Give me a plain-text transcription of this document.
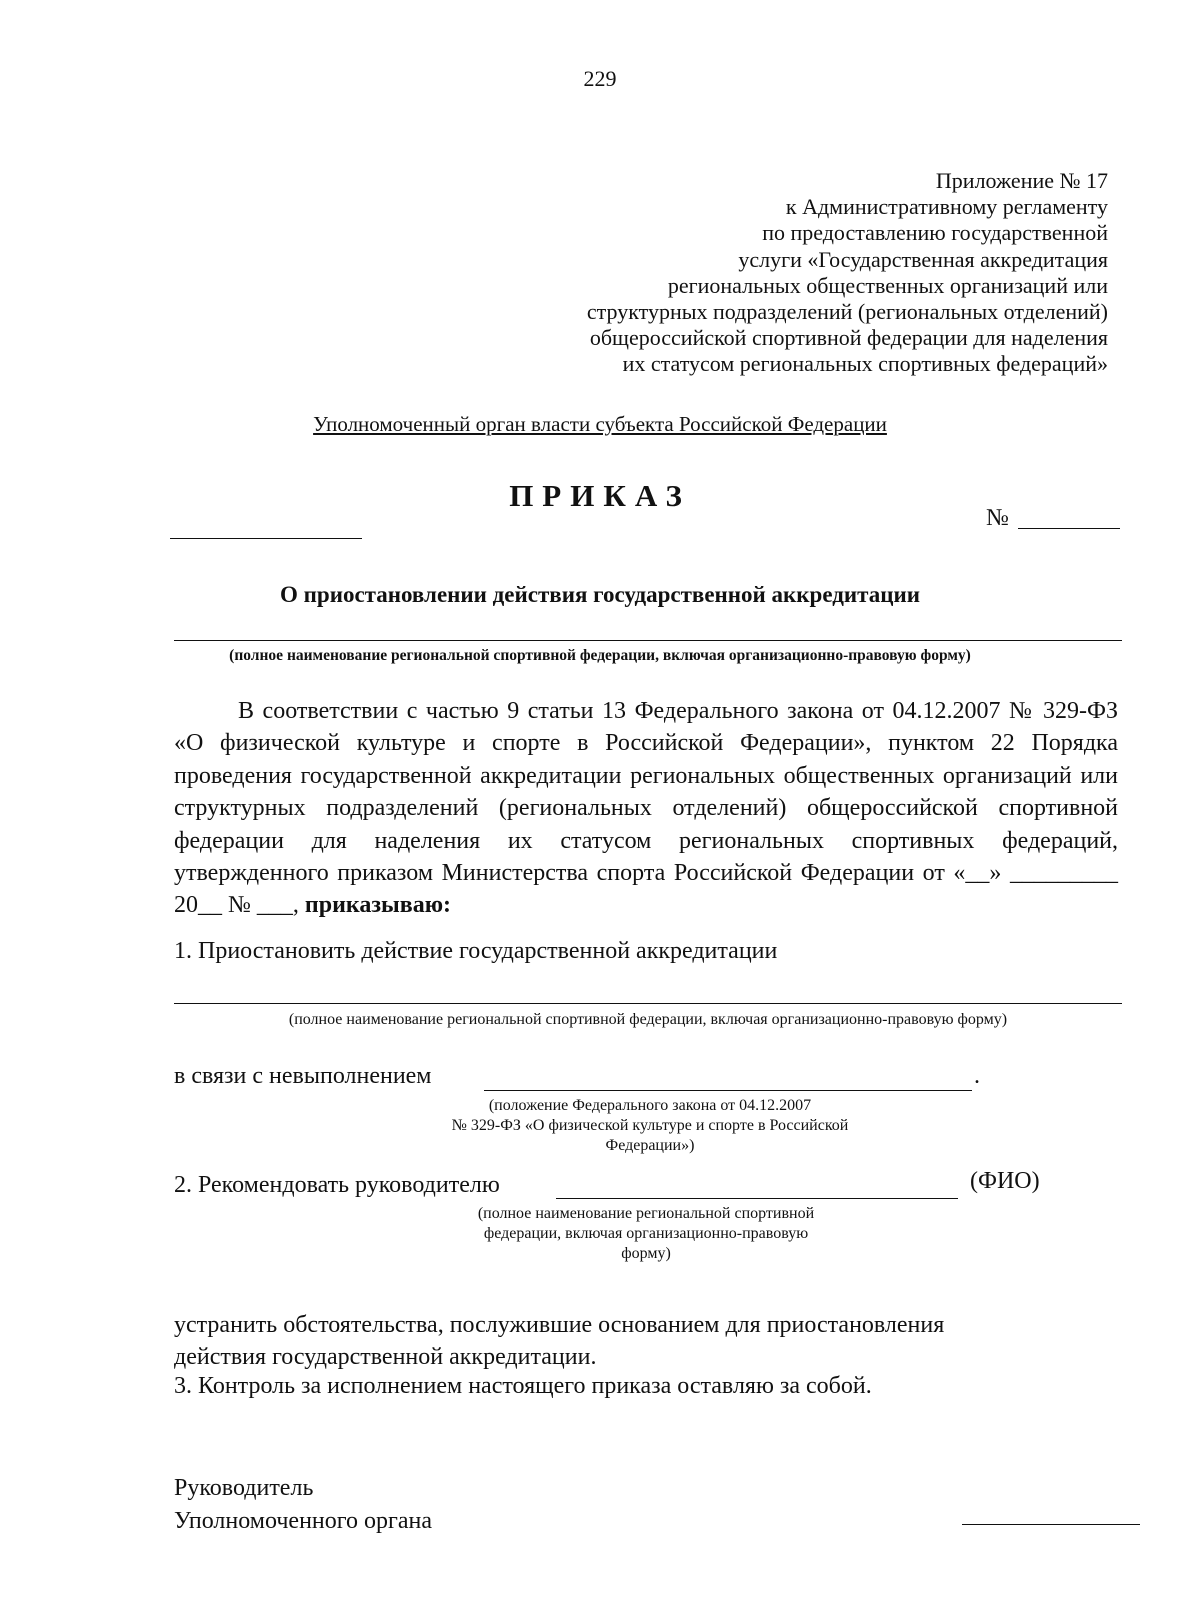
229
Приложение № 17
к Административному регламенту
по предоставлению государственной
услуги «Государственная аккредитация
региональных общественных организаций или
структурных подразделений (региональных отделений)
общероссийской спортивной федерации для наделения
их статусом региональных спортивных федераций»
Уполномоченный орган власти субъекта Российской Федерации
ПРИКАЗ
№
О приостановлении действия государственной аккредитации
(полное наименование региональной спортивной федерации, включая организационно-правовую форму)
В соответствии с частью 9 статьи 13 Федерального закона от 04.12.2007 № 329-ФЗ «О физической культуре и спорте в Российской Федерации», пунктом 22 Порядка проведения государственной аккредитации региональных общественных организаций или структурных подразделений (региональных отделений) общероссийской спортивной федерации для наделения их статусом региональных спортивных федераций, утвержденного приказом Министерства спорта Российской Федерации от «__» _________ 20__ № ___, приказываю:
1. Приостановить действие государственной аккредитации
(полное наименование региональной спортивной федерации, включая организационно-правовую форму)
в связи с невыполнением	.
(положение Федерального закона от 04.12.2007
№ 329-ФЗ «О физической культуре и спорте в Российской
Федерации»)
2. Рекомендовать руководителю	(ФИО)
(полное наименование региональной спортивной
федерации, включая организационно-правовую
форму)
устранить обстоятельства, послужившие основанием для приостановления
действия государственной аккредитации.
3. Контроль за исполнением настоящего приказа оставляю за собой.
Руководитель
Уполномоченного органа
